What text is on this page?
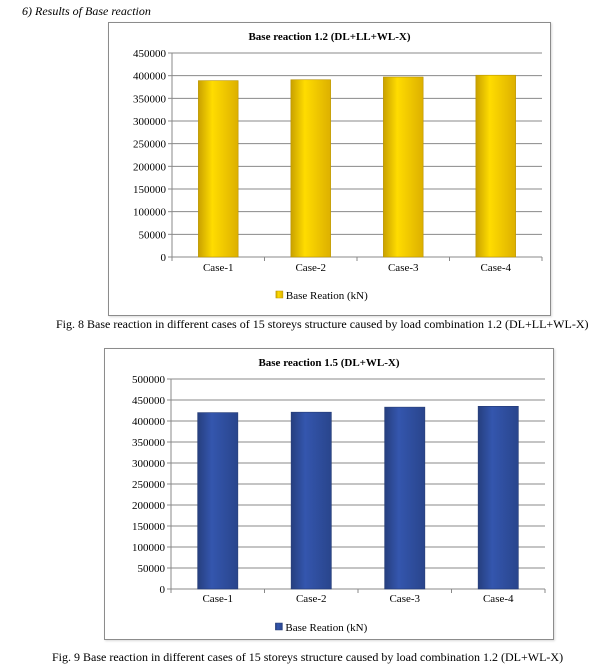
6) Results of Base reaction
Base reaction 1.2 (DL+LL+WL-X)
0
50000
100000
150000
200000
250000
300000
350000
400000
450000
Case-1	Case-2	Case-3	Case-4
Base Reation (kN)
Fig. 8 Base reaction in different cases of 15 storeys structure caused by load combination 1.2 (DL+LL+WL-X)
Base reaction 1.5 (DL+WL-X)
0
50000
100000
150000
200000
250000
300000
350000
400000
450000
500000
Case-1	Case-2	Case-3	Case-4
Base Reation (kN)
Fig. 9 Base reaction in different cases of 15 storeys structure caused by load combination 1.2 (DL+WL-X)
